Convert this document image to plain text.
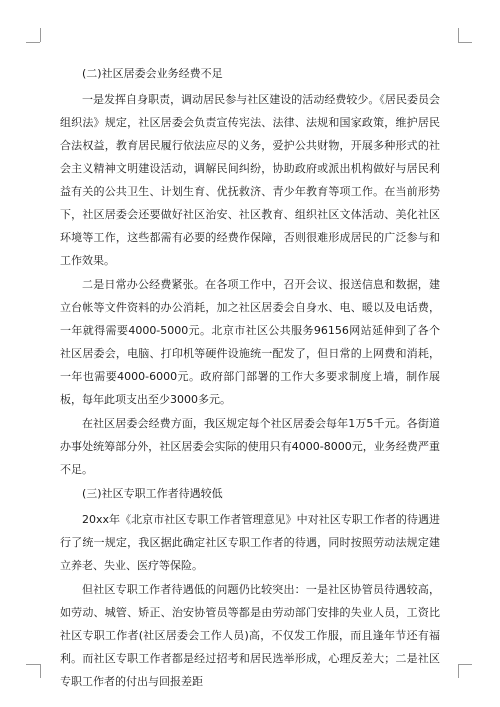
(二)社区居委会业务经费不足

一是发挥自身职责，调动居民参与社区建设的活动经费较少。《居民委员会组织法》规定，社区居委会负责宣传宪法、法律、法规和国家政策，维护居民合法权益，教育居民履行依法应尽的义务，爱护公共财物，开展多种形式的社会主义精神文明建设活动，调解民间纠纷，协助政府或派出机构做好与居民利益有关的公共卫生、计划生育、优抚救济、青少年教育等项工作。在当前形势下，社区居委会还要做好社区治安、社区教育、组织社区文体活动、美化社区环境等工作，这些都需有必要的经费作保障，否则很难形成居民的广泛参与和工作效果。

二是日常办公经费紧张。在各项工作中，召开会议、报送信息和数据，建立台帐等文件资料的办公消耗，加之社区居委会自身水、电、暖以及电话费，一年就得需要4000-5000元。北京市社区公共服务96156网站延伸到了各个社区居委会，电脑、打印机等硬件设施统一配发了，但日常的上网费和消耗，一年也需要4000-6000元。政府部门部署的工作大多要求制度上墙，制作展板，每年此项支出至少3000多元。

在社区居委会经费方面，我区规定每个社区居委会每年1万5千元。各街道办事处统筹部分外，社区居委会实际的使用只有4000-8000元，业务经费严重不足。

(三)社区专职工作者待遇较低

20xx年《北京市社区专职工作者管理意见》中对社区专职工作者的待遇进行了统一规定，我区据此确定社区专职工作者的待遇，同时按照劳动法规定建立养老、失业、医疗等保险。

但社区专职工作者待遇低的问题仍比较突出：一是社区协管员待遇较高，如劳动、城管、矫正、治安协管员等都是由劳动部门安排的失业人员，工资比社区专职工作者(社区居委会工作人员)高，不仅发工作服，而且逢年节还有福利。而社区专职工作者都是经过招考和居民选举形成，心理反差大；二是社区专职工作者的付出与回报差距
